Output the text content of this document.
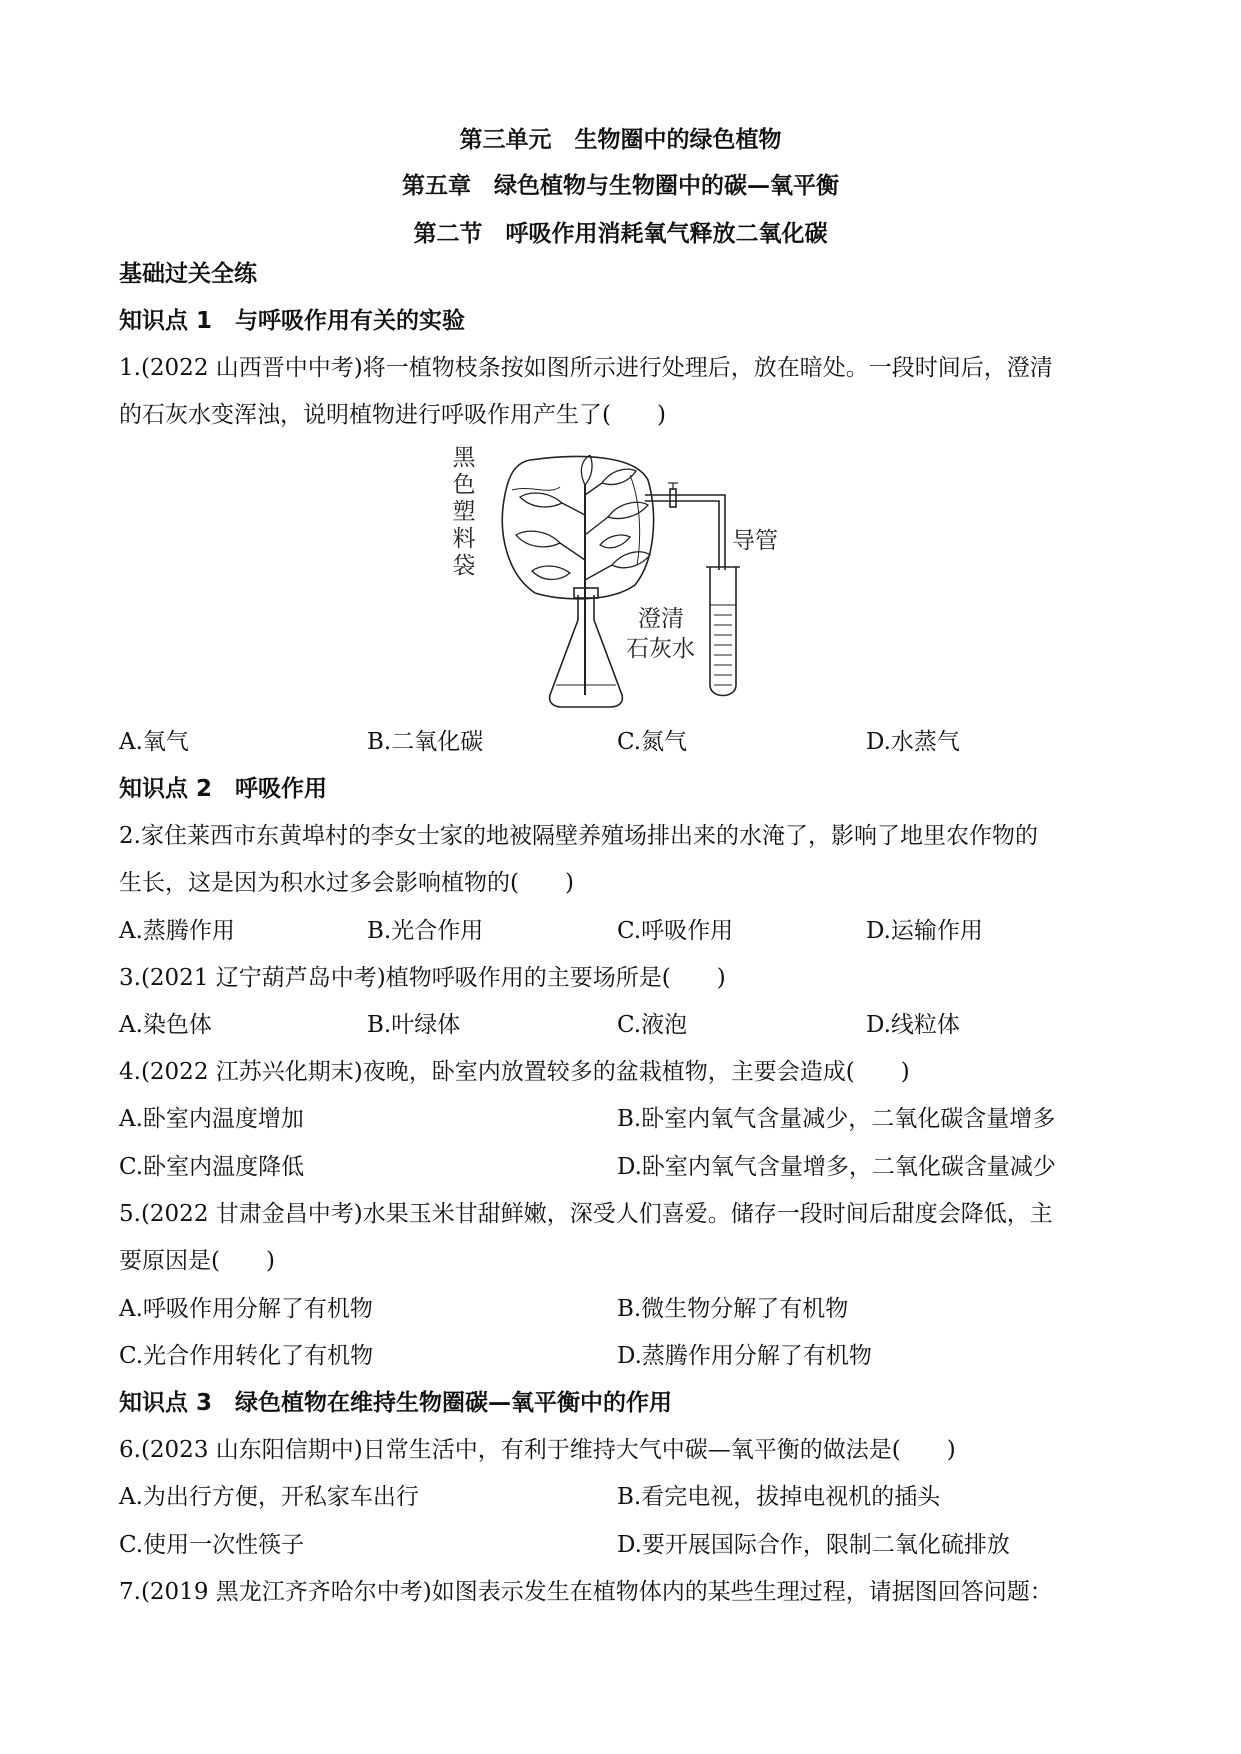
第三单元　生物圈中的绿色植物
第五章　绿色植物与生物圈中的碳—氧平衡
第二节　呼吸作用消耗氧气释放二氧化碳
基础过关全练
知识点 1　与呼吸作用有关的实验
1.(2022 山西晋中中考)将一植物枝条按如图所示进行处理后，放在暗处。一段时间后，澄清
的石灰水变浑浊，说明植物进行呼吸作用产生了(　　)
黑色塑料袋
导管
澄清
石灰水
A.氧气	B.二氧化碳	C.氮气	D.水蒸气
知识点 2　呼吸作用
2.家住莱西市东黄埠村的李女士家的地被隔壁养殖场排出来的水淹了，影响了地里农作物的
生长，这是因为积水过多会影响植物的(　　)
A.蒸腾作用	B.光合作用	C.呼吸作用	D.运输作用
3.(2021 辽宁葫芦岛中考)植物呼吸作用的主要场所是(　　)
A.染色体	B.叶绿体	C.液泡	D.线粒体
4.(2022 江苏兴化期末)夜晚，卧室内放置较多的盆栽植物，主要会造成(　　)
A.卧室内温度增加	B.卧室内氧气含量减少，二氧化碳含量增多
C.卧室内温度降低	D.卧室内氧气含量增多，二氧化碳含量减少
5.(2022 甘肃金昌中考)水果玉米甘甜鲜嫩，深受人们喜爱。储存一段时间后甜度会降低，主
要原因是(　　)
A.呼吸作用分解了有机物	B.微生物分解了有机物
C.光合作用转化了有机物	D.蒸腾作用分解了有机物
知识点 3　绿色植物在维持生物圈碳—氧平衡中的作用
6.(2023 山东阳信期中)日常生活中，有利于维持大气中碳—氧平衡的做法是(　　)
A.为出行方便，开私家车出行	B.看完电视，拔掉电视机的插头
C.使用一次性筷子	D.要开展国际合作，限制二氧化硫排放
7.(2019 黑龙江齐齐哈尔中考)如图表示发生在植物体内的某些生理过程，请据图回答问题：
